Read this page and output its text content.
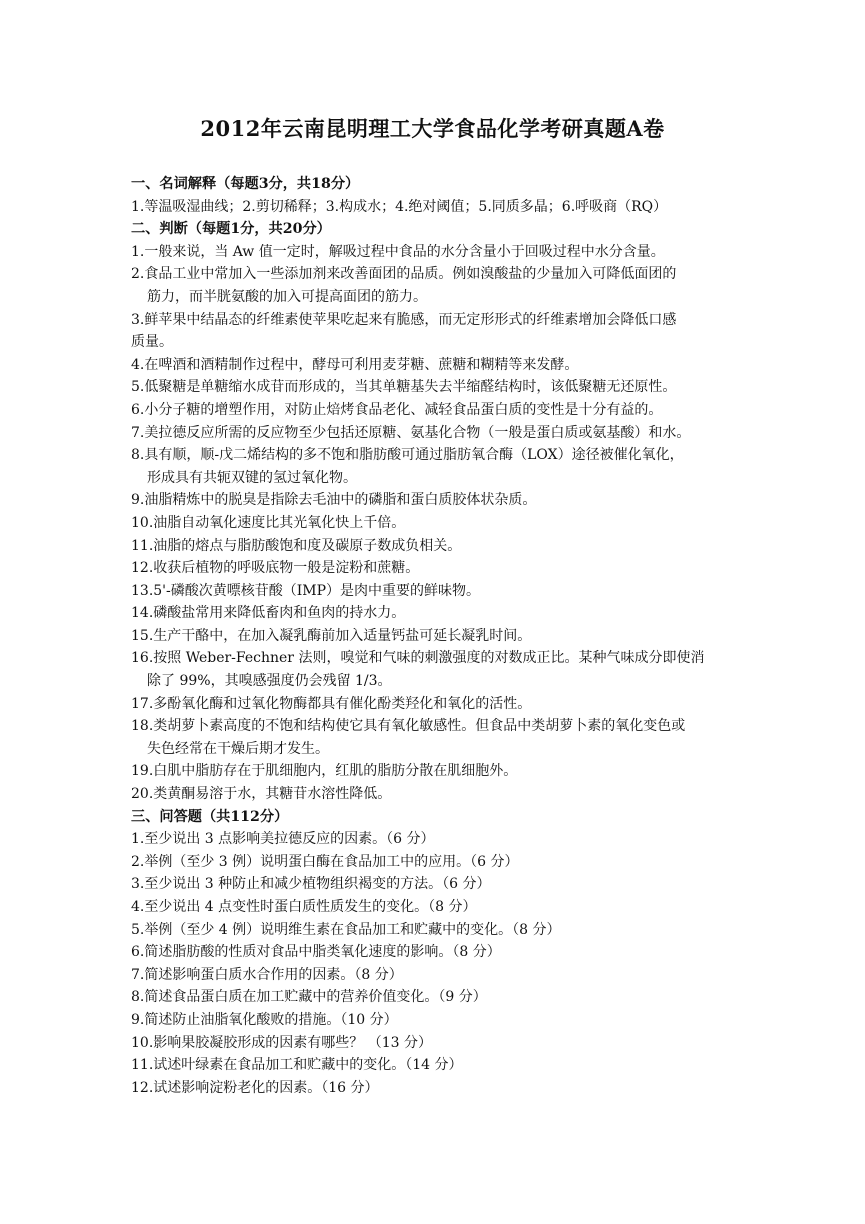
2012年云南昆明理工大学食品化学考研真题A卷
一、名词解释（每题3分，共18分）
1.等温吸湿曲线；2.剪切稀释；3.构成水；4.绝对阈值；5.同质多晶；6.呼吸商（RQ）
二、判断（每题1分，共20分）
1.一般来说，当 Aw 值一定时，解吸过程中食品的水分含量小于回吸过程中水分含量。
2.食品工业中常加入一些添加剂来改善面团的品质。例如溴酸盐的少量加入可降低面团的
筋力，而半胱氨酸的加入可提高面团的筋力。
3.鲜苹果中结晶态的纤维素使苹果吃起来有脆感，而无定形形式的纤维素增加会降低口感
质量。
4.在啤酒和酒精制作过程中，酵母可利用麦芽糖、蔗糖和糊精等来发酵。
5.低聚糖是单糖缩水成苷而形成的，当其单糖基失去半缩醛结构时，该低聚糖无还原性。
6.小分子糖的增塑作用，对防止焙烤食品老化、减轻食品蛋白质的变性是十分有益的。
7.美拉德反应所需的反应物至少包括还原糖、氨基化合物（一般是蛋白质或氨基酸）和水。
8.具有顺，顺-戊二烯结构的多不饱和脂肪酸可通过脂肪氧合酶（LOX）途径被催化氧化，
形成具有共轭双键的氢过氧化物。
9.油脂精炼中的脱臭是指除去毛油中的磷脂和蛋白质胶体状杂质。
10.油脂自动氧化速度比其光氧化快上千倍。
11.油脂的熔点与脂肪酸饱和度及碳原子数成负相关。
12.收获后植物的呼吸底物一般是淀粉和蔗糖。
13.5'-磷酸次黄嘌核苷酸（IMP）是肉中重要的鲜味物。
14.磷酸盐常用来降低畜肉和鱼肉的持水力。
15.生产干酪中，在加入凝乳酶前加入适量钙盐可延长凝乳时间。
16.按照 Weber-Fechner 法则，嗅觉和气味的刺激强度的对数成正比。某种气味成分即使消
除了 99%，其嗅感强度仍会残留 1/3。
17.多酚氧化酶和过氧化物酶都具有催化酚类羟化和氧化的活性。
18.类胡萝卜素高度的不饱和结构使它具有氧化敏感性。但食品中类胡萝卜素的氧化变色或
失色经常在干燥后期才发生。
19.白肌中脂肪存在于肌细胞内，红肌的脂肪分散在肌细胞外。
20.类黄酮易溶于水，其糖苷水溶性降低。
三、问答题（共112分）
1.至少说出 3 点影响美拉德反应的因素。（6 分）
2.举例（至少 3 例）说明蛋白酶在食品加工中的应用。（6 分）
3.至少说出 3 种防止和减少植物组织褐变的方法。（6 分）
4.至少说出 4 点变性时蛋白质性质发生的变化。（8 分）
5.举例（至少 4 例）说明维生素在食品加工和贮藏中的变化。（8 分）
6.简述脂肪酸的性质对食品中脂类氧化速度的影响。（8 分）
7.简述影响蛋白质水合作用的因素。（8 分）
8.简述食品蛋白质在加工贮藏中的营养价值变化。（9 分）
9.简述防止油脂氧化酸败的措施。（10 分）
10.影响果胶凝胶形成的因素有哪些？ （13 分）
11.试述叶绿素在食品加工和贮藏中的变化。（14 分）
12.试述影响淀粉老化的因素。（16 分）
